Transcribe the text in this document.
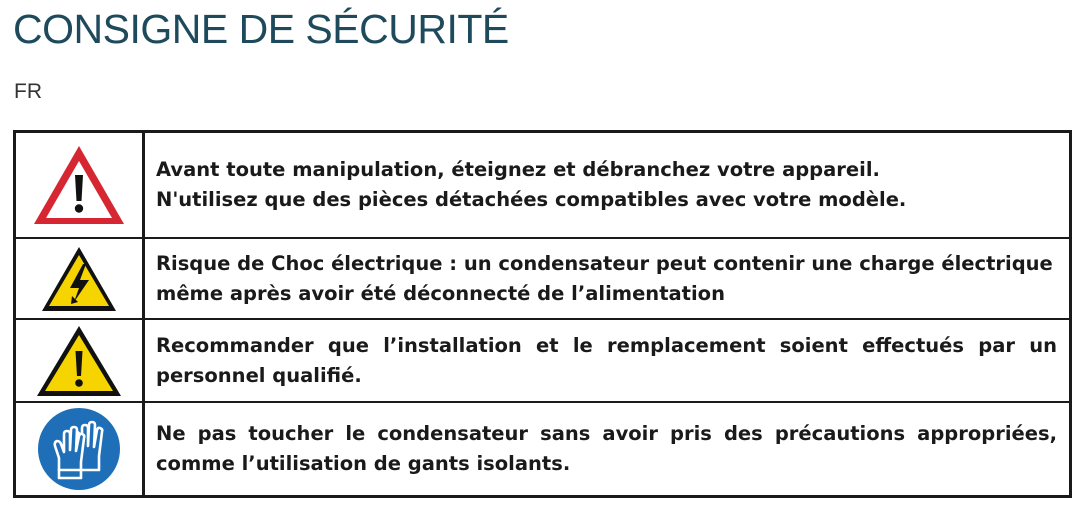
CONSIGNE DE SÉCURITÉ
FR
Avant toute manipulation, éteignez et débranchez votre appareil.
N'utilisez que des pièces détachées compatibles avec votre modèle.
Risque de Choc électrique : un condensateur peut contenir une charge électrique
même après avoir été déconnecté de l’alimentation
Recommander que l’installation et le remplacement soient effectués par un
personnel qualifié.
Ne pas toucher le condensateur sans avoir pris des précautions appropriées,
comme l’utilisation de gants isolants.
